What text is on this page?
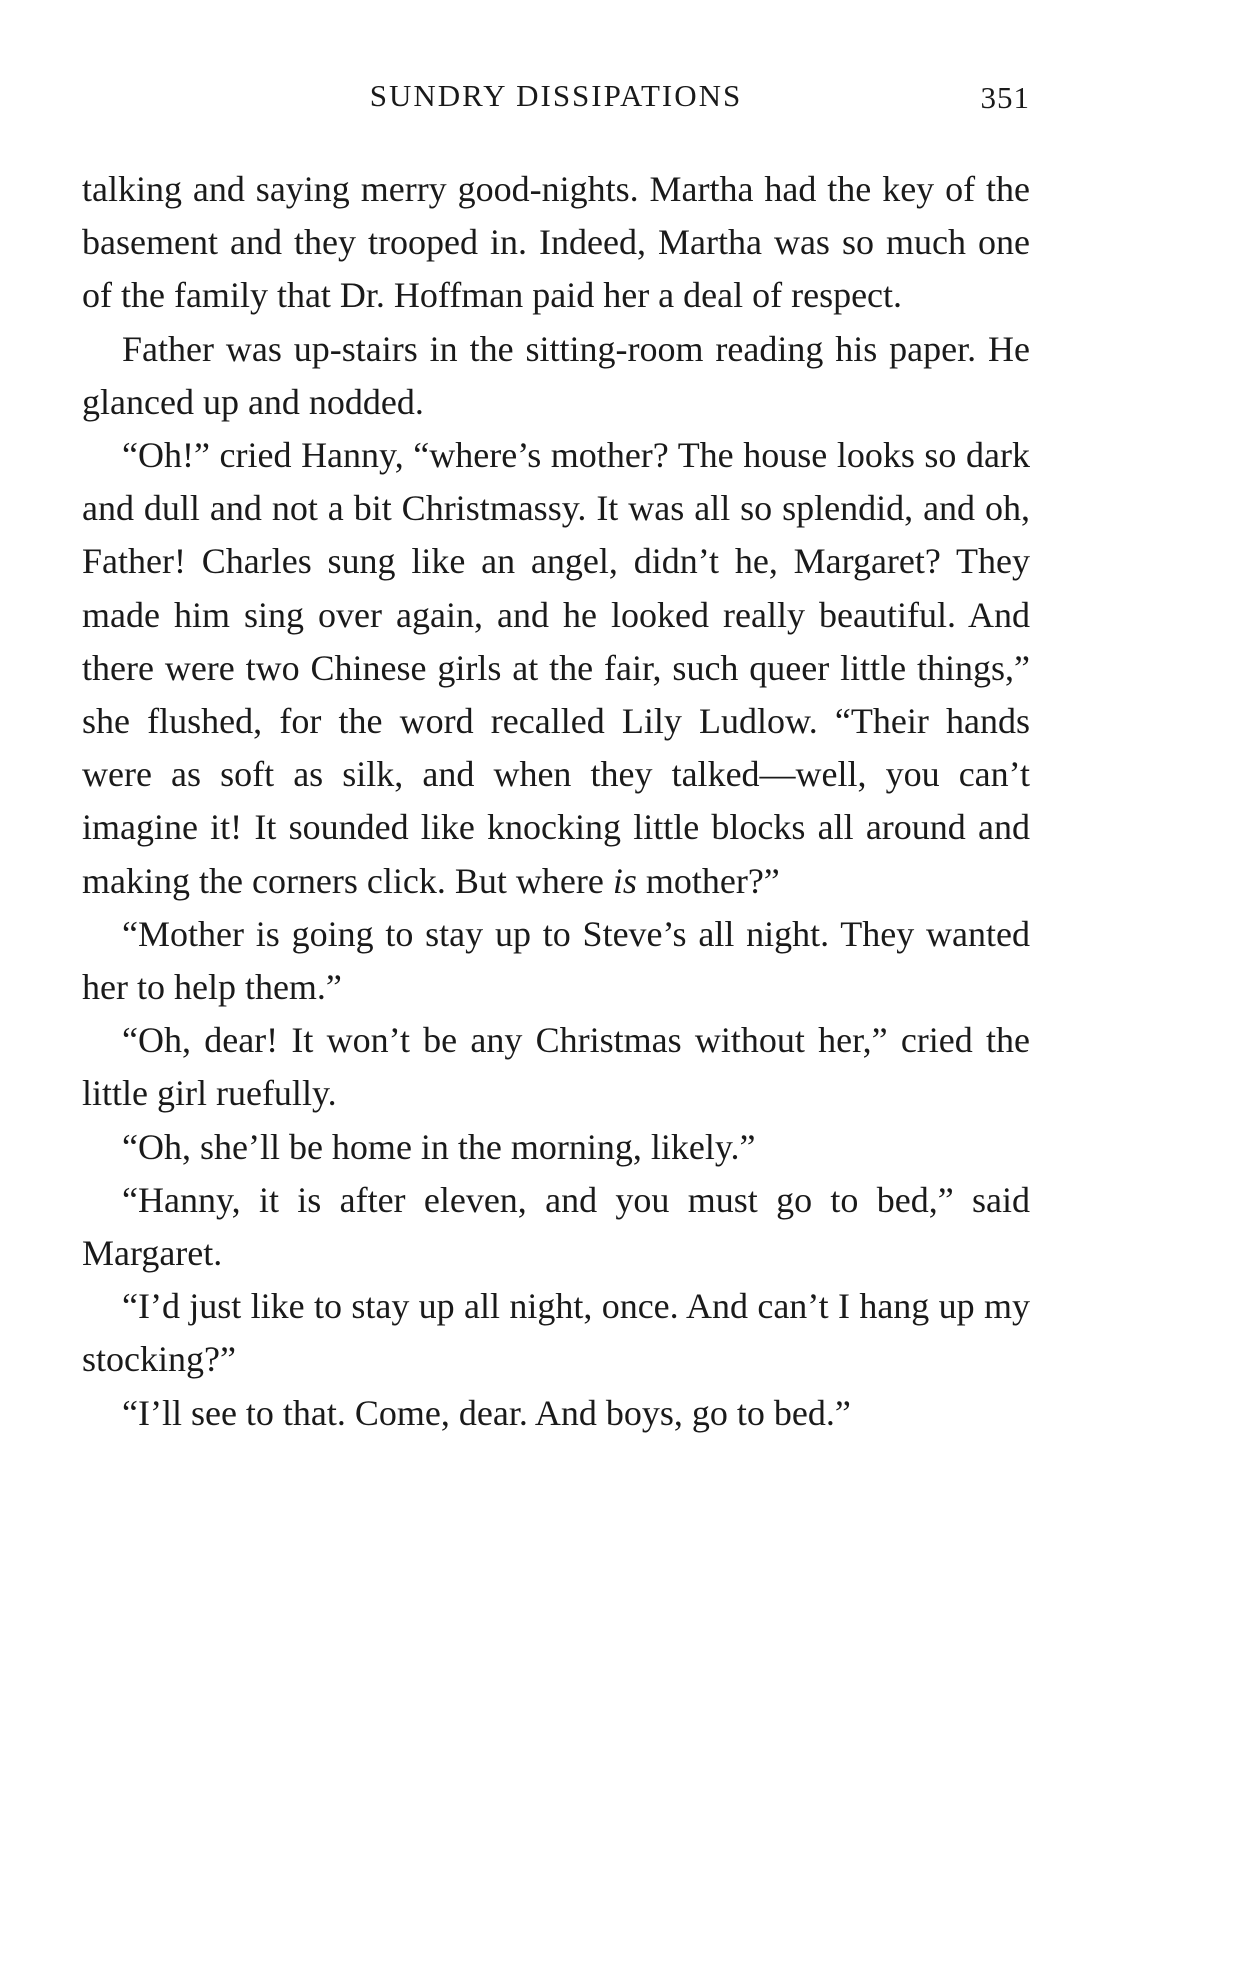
SUNDRY DISSIPATIONS	351

talking and saying merry good-nights. Martha had the key of the basement and they trooped in. Indeed, Martha was so much one of the family that Dr. Hoffman paid her a deal of respect.

Father was up-stairs in the sitting-room reading his paper. He glanced up and nodded.

“Oh!” cried Hanny, “where’s mother? The house looks so dark and dull and not a bit Christmassy. It was all so splendid, and oh, Father! Charles sung like an angel, didn’t he, Margaret? They made him sing over again, and he looked really beautiful. And there were two Chinese girls at the fair, such queer little things,” she flushed, for the word recalled Lily Ludlow. “Their hands were as soft as silk, and when they talked—well, you can’t imagine it! It sounded like knocking little blocks all around and making the corners click. But where is mother?”

“Mother is going to stay up to Steve’s all night. They wanted her to help them.”

“Oh, dear! It won’t be any Christmas without her,” cried the little girl ruefully.

“Oh, she’ll be home in the morning, likely.”

“Hanny, it is after eleven, and you must go to bed,” said Margaret.

“I’d just like to stay up all night, once. And can’t I hang up my stocking?”

“I’ll see to that. Come, dear. And boys, go to bed.”
